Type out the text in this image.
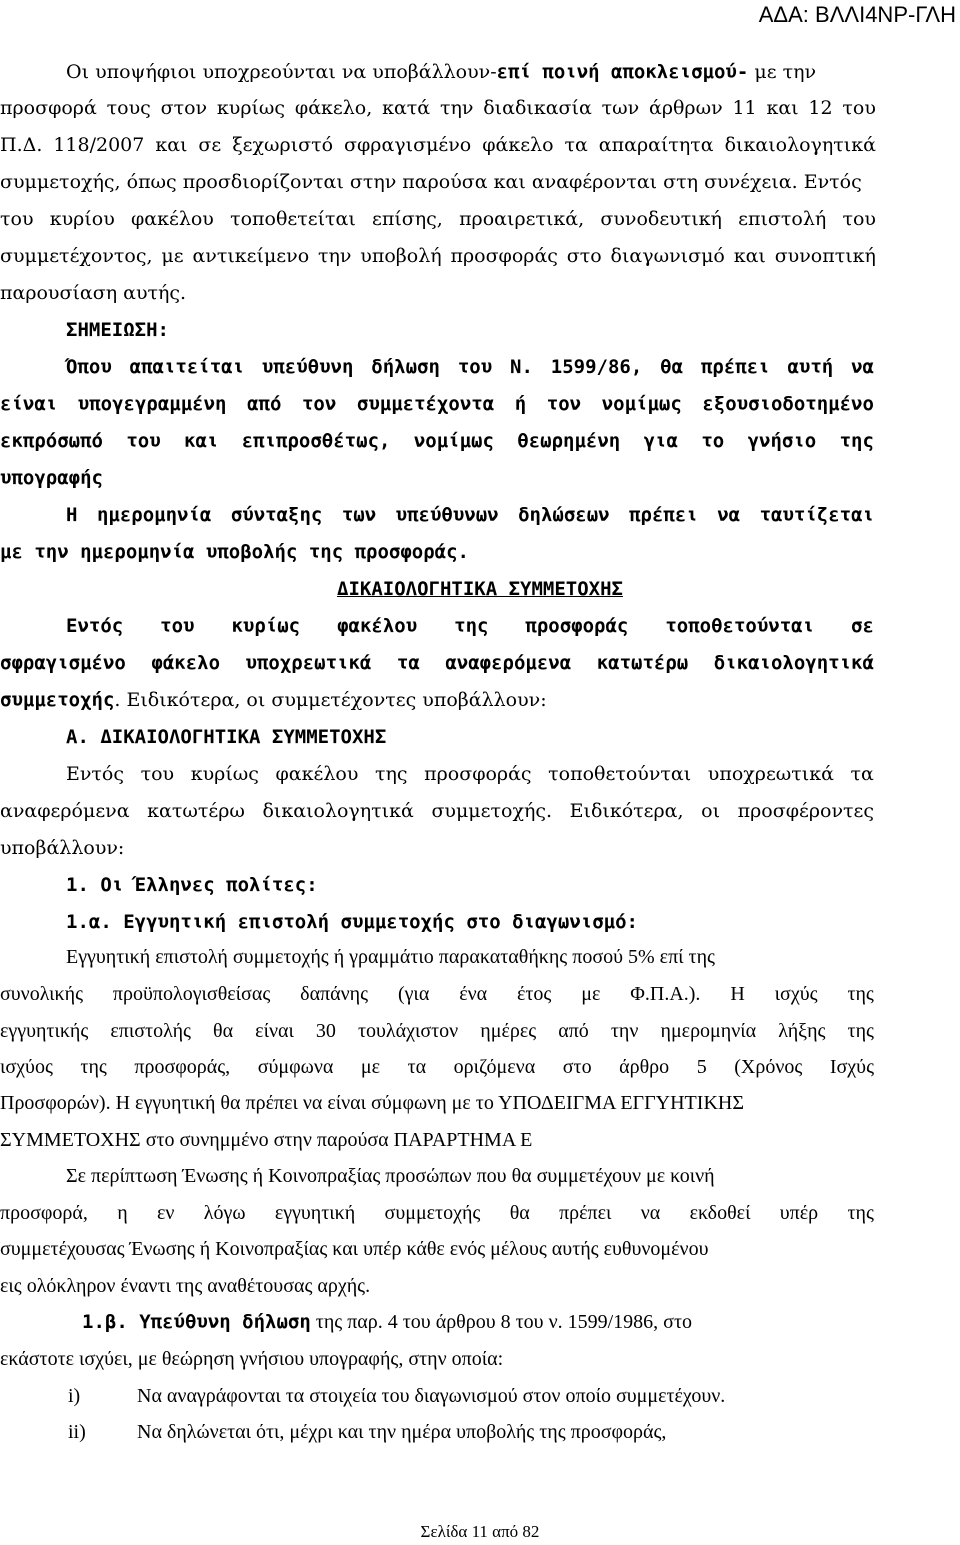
ΑΔΑ: ΒΛΛΙ4ΝΡ-ΓΛΗ
Οι υποψήφιοι υποχρεούνται να υποβάλλουν-επί ποινή αποκλεισμού- με την
προσφορά τους στον κυρίως φάκελο, κατά την διαδικασία των άρθρων 11 και 12 του
Π.Δ. 118/2007 και σε ξεχωριστό σφραγισμένο φάκελο τα απαραίτητα δικαιολογητικά
συμμετοχής, όπως προσδιορίζονται στην παρούσα και αναφέρονται στη συνέχεια. Εντός
του κυρίου φακέλου τοποθετείται επίσης, προαιρετικά, συνοδευτική επιστολή του
συμμετέχοντος, με αντικείμενο την υποβολή προσφοράς στο διαγωνισμό και συνοπτική
παρουσίαση αυτής.
ΣΗΜΕΙΩΣΗ:
Όπου απαιτείται υπεύθυνη δήλωση του Ν. 1599/86, θα πρέπει αυτή να
είναι υπογεγραμμένη από τον συμμετέχοντα ή τον νομίμως εξουσιοδοτημένο
εκπρόσωπό του και επιπροσθέτως, νομίμως θεωρημένη για το γνήσιο της
υπογραφής
Η ημερομηνία σύνταξης των υπεύθυνων δηλώσεων πρέπει να ταυτίζεται
με την ημερομηνία υποβολής της προσφοράς.
ΔΙΚΑΙΟΛΟΓΗΤΙΚΑ ΣΥΜΜΕΤΟΧΗΣ
Εντός του κυρίως φακέλου της προσφοράς τοποθετούνται σε
σφραγισμένο φάκελο υποχρεωτικά τα αναφερόμενα κατωτέρω δικαιολογητικά
συμμετοχής. Ειδικότερα, οι συμμετέχοντες υποβάλλουν:
Α. ΔΙΚΑΙΟΛΟΓΗΤΙΚΑ ΣΥΜΜΕΤΟΧΗΣ
Εντός του κυρίως φακέλου της προσφοράς τοποθετούνται υποχρεωτικά τα
αναφερόμενα κατωτέρω δικαιολογητικά συμμετοχής. Ειδικότερα, οι προσφέροντες
υποβάλλουν:
1. Οι Έλληνες πολίτες:
1.α. Εγγυητική επιστολή συμμετοχής στο διαγωνισμό:
Εγγυητική επιστολή συμμετοχής ή γραμμάτιο παρακαταθήκης ποσού 5% επί της
συνολικής προϋπολογισθείσας δαπάνης (για ένα έτος με Φ.Π.Α.). Η ισχύς της
εγγυητικής επιστολής θα είναι 30 τουλάχιστον ημέρες από την ημερομηνία λήξης της
ισχύος της προσφοράς, σύμφωνα με τα οριζόμενα στο άρθρο 5 (Χρόνος Ισχύς
Προσφορών). Η εγγυητική θα πρέπει να είναι σύμφωνη με το ΥΠΟΔΕΙΓΜΑ ΕΓΓΥΗΤΙΚΗΣ
ΣΥΜΜΕΤΟΧΗΣ στο συνημμένο στην παρούσα ΠΑΡΑΡΤΗΜΑ Ε
Σε περίπτωση Ένωσης ή Κοινοπραξίας προσώπων που θα συμμετέχουν με κοινή
προσφορά, η εν λόγω εγγυητική συμμετοχής θα πρέπει να εκδοθεί υπέρ της
συμμετέχουσας Ένωσης ή Κοινοπραξίας και υπέρ κάθε ενός μέλους αυτής ευθυνομένου
εις ολόκληρον έναντι της αναθέτουσας αρχής.
1.β. Υπεύθυνη δήλωση της παρ. 4 του άρθρου 8 του ν. 1599/1986, στο
εκάστοτε ισχύει, με θεώρηση γνήσιου υπογραφής, στην οποία:
i)	Να αναγράφονται τα στοιχεία του διαγωνισμού στον οποίο συμμετέχουν.
ii)	Να δηλώνεται ότι, μέχρι και την ημέρα υποβολής της προσφοράς,
Σελίδα 11 από 82
